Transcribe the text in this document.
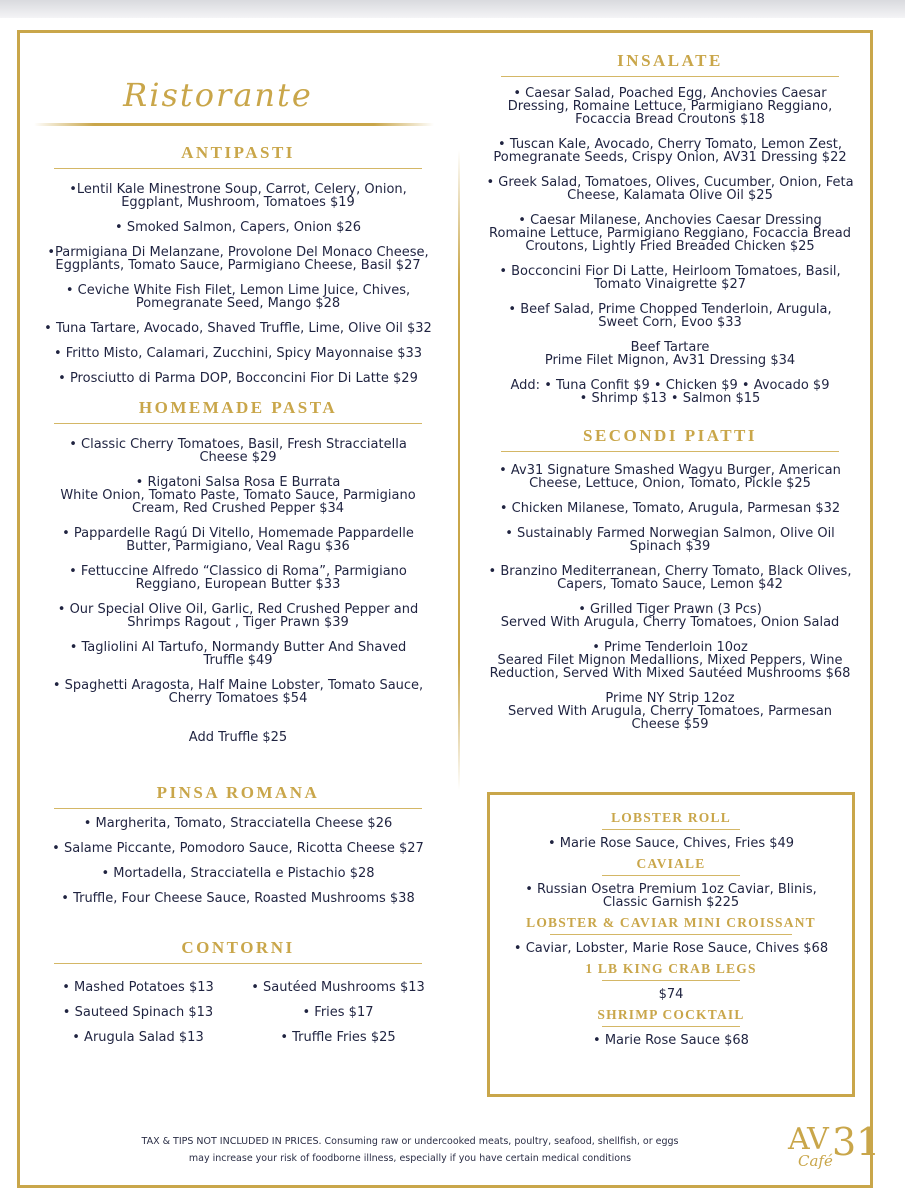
Ristorante
ANTIPASTI
•Lentil Kale Minestrone Soup, Carrot, Celery, Onion,
Eggplant, Mushroom, Tomatoes $19
• Smoked Salmon, Capers, Onion $26
•Parmigiana Di Melanzane, Provolone Del Monaco Cheese,
Eggplants, Tomato Sauce, Parmigiano Cheese, Basil $27
• Ceviche White Fish Filet, Lemon Lime Juice, Chives,
Pomegranate Seed, Mango $28
• Tuna Tartare, Avocado, Shaved Truffle, Lime, Olive Oil $32
• Fritto Misto, Calamari, Zucchini, Spicy Mayonnaise $33
• Prosciutto di Parma DOP, Bocconcini Fior Di Latte $29
HOMEMADE PASTA
• Classic Cherry Tomatoes, Basil, Fresh Stracciatella
Cheese $29
• Rigatoni Salsa Rosa E Burrata
White Onion, Tomato Paste, Tomato Sauce, Parmigiano
Cream, Red Crushed Pepper $34
• Pappardelle Ragú Di Vitello, Homemade Pappardelle
Butter, Parmigiano, Veal Ragu $36
• Fettuccine Alfredo “Classico di Roma”, Parmigiano
Reggiano, European Butter $33
• Our Special Olive Oil, Garlic, Red Crushed Pepper and
Shrimps Ragout , Tiger Prawn $39
• Tagliolini Al Tartufo, Normandy Butter And Shaved
Truffle $49
• Spaghetti Aragosta, Half Maine Lobster, Tomato Sauce,
Cherry Tomatoes $54
Add Truffle $25
PINSA ROMANA
• Margherita, Tomato, Stracciatella Cheese $26
• Salame Piccante, Pomodoro Sauce, Ricotta Cheese $27
• Mortadella, Stracciatella e Pistachio $28
• Truffle, Four Cheese Sauce, Roasted Mushrooms $38
CONTORNI
• Mashed Potatoes $13	• Sautéed Mushrooms $13
• Sauteed Spinach $13	• Fries $17
• Arugula Salad $13	• Truffle Fries $25
INSALATE
• Caesar Salad, Poached Egg, Anchovies Caesar
Dressing, Romaine Lettuce, Parmigiano Reggiano,
Focaccia Bread Croutons $18
• Tuscan Kale, Avocado, Cherry Tomato, Lemon Zest,
Pomegranate Seeds, Crispy Onion, AV31 Dressing $22
• Greek Salad, Tomatoes, Olives, Cucumber, Onion, Feta
Cheese, Kalamata Olive Oil $25
• Caesar Milanese, Anchovies Caesar Dressing
Romaine Lettuce, Parmigiano Reggiano, Focaccia Bread
Croutons, Lightly Fried Breaded Chicken $25
• Bocconcini Fior Di Latte, Heirloom Tomatoes, Basil,
Tomato Vinaigrette $27
• Beef Salad, Prime Chopped Tenderloin, Arugula,
Sweet Corn, Evoo $33
Beef Tartare
Prime Filet Mignon, Av31 Dressing $34
Add: • Tuna Confit $9 • Chicken $9 • Avocado $9
• Shrimp $13 • Salmon $15
SECONDI PIATTI
• Av31 Signature Smashed Wagyu Burger, American
Cheese, Lettuce, Onion, Tomato, Pickle $25
• Chicken Milanese, Tomato, Arugula, Parmesan $32
• Sustainably Farmed Norwegian Salmon, Olive Oil
Spinach $39
• Branzino Mediterranean, Cherry Tomato, Black Olives,
Capers, Tomato Sauce, Lemon $42
• Grilled Tiger Prawn (3 Pcs)
Served With Arugula, Cherry Tomatoes, Onion Salad
• Prime Tenderloin 10oz
Seared Filet Mignon Medallions, Mixed Peppers, Wine
Reduction, Served With Mixed Sautéed Mushrooms $68
Prime NY Strip 12oz
Served With Arugula, Cherry Tomatoes, Parmesan
Cheese $59
LOBSTER ROLL
• Marie Rose Sauce, Chives, Fries $49
CAVIALE
• Russian Osetra Premium 1oz Caviar, Blinis,
Classic Garnish $225
LOBSTER & CAVIAR MINI CROISSANT
• Caviar, Lobster, Marie Rose Sauce, Chives $68
1 LB KING CRAB LEGS
$74
SHRIMP COCKTAIL
• Marie Rose Sauce $68
TAX & TIPS NOT INCLUDED IN PRICES. Consuming raw or undercooked meats, poultry, seafood, shellfish, or eggs
may increase your risk of foodborne illness, especially if you have certain medical conditions
AV 31
Café
